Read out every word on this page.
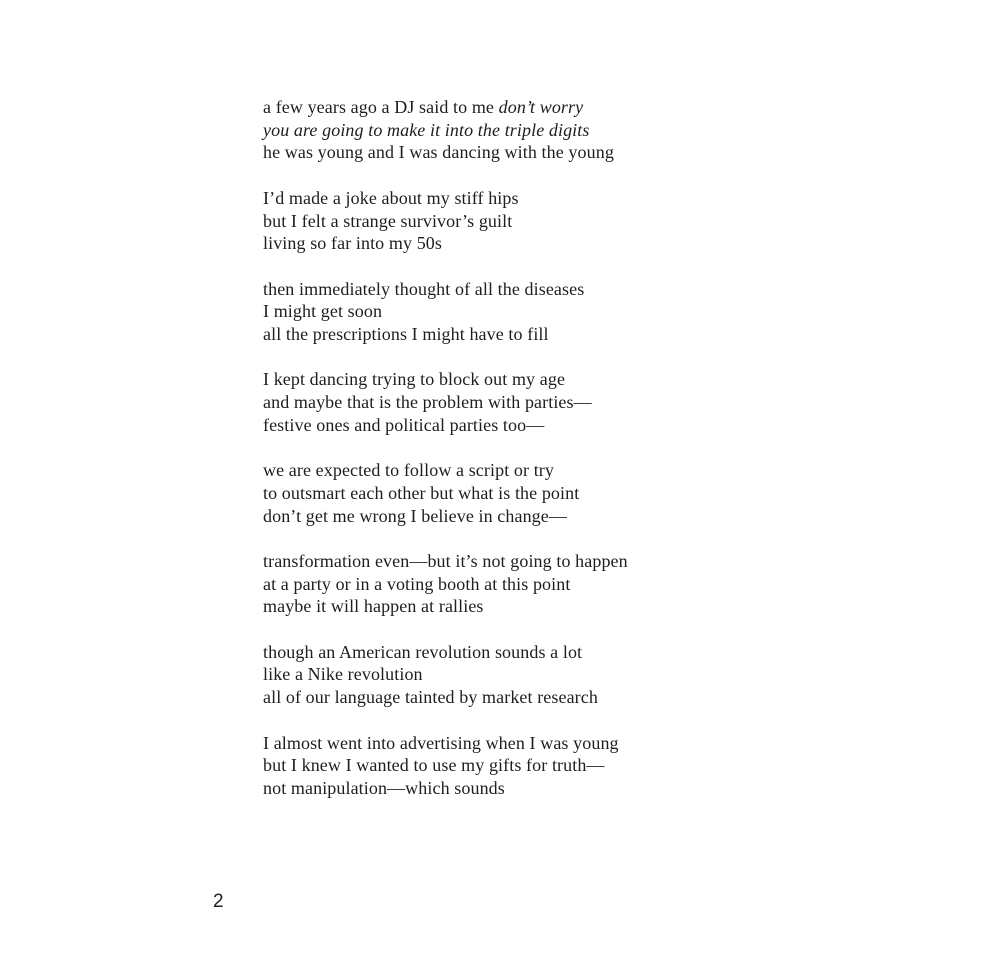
a few years ago a DJ said to me don’t worry
you are going to make it into the triple digits
he was young and I was dancing with the young
I’d made a joke about my stiff hips
but I felt a strange survivor’s guilt
living so far into my 50s
then immediately thought of all the diseases
I might get soon
all the prescriptions I might have to fill
I kept dancing trying to block out my age
and maybe that is the problem with parties—
festive ones and political parties too—
we are expected to follow a script or try
to outsmart each other but what is the point
don’t get me wrong I believe in change—
transformation even—but it’s not going to happen
at a party or in a voting booth at this point
maybe it will happen at rallies
though an American revolution sounds a lot
like a Nike revolution
all of our language tainted by market research
I almost went into advertising when I was young
but I knew I wanted to use my gifts for truth—
not manipulation—which sounds
2
